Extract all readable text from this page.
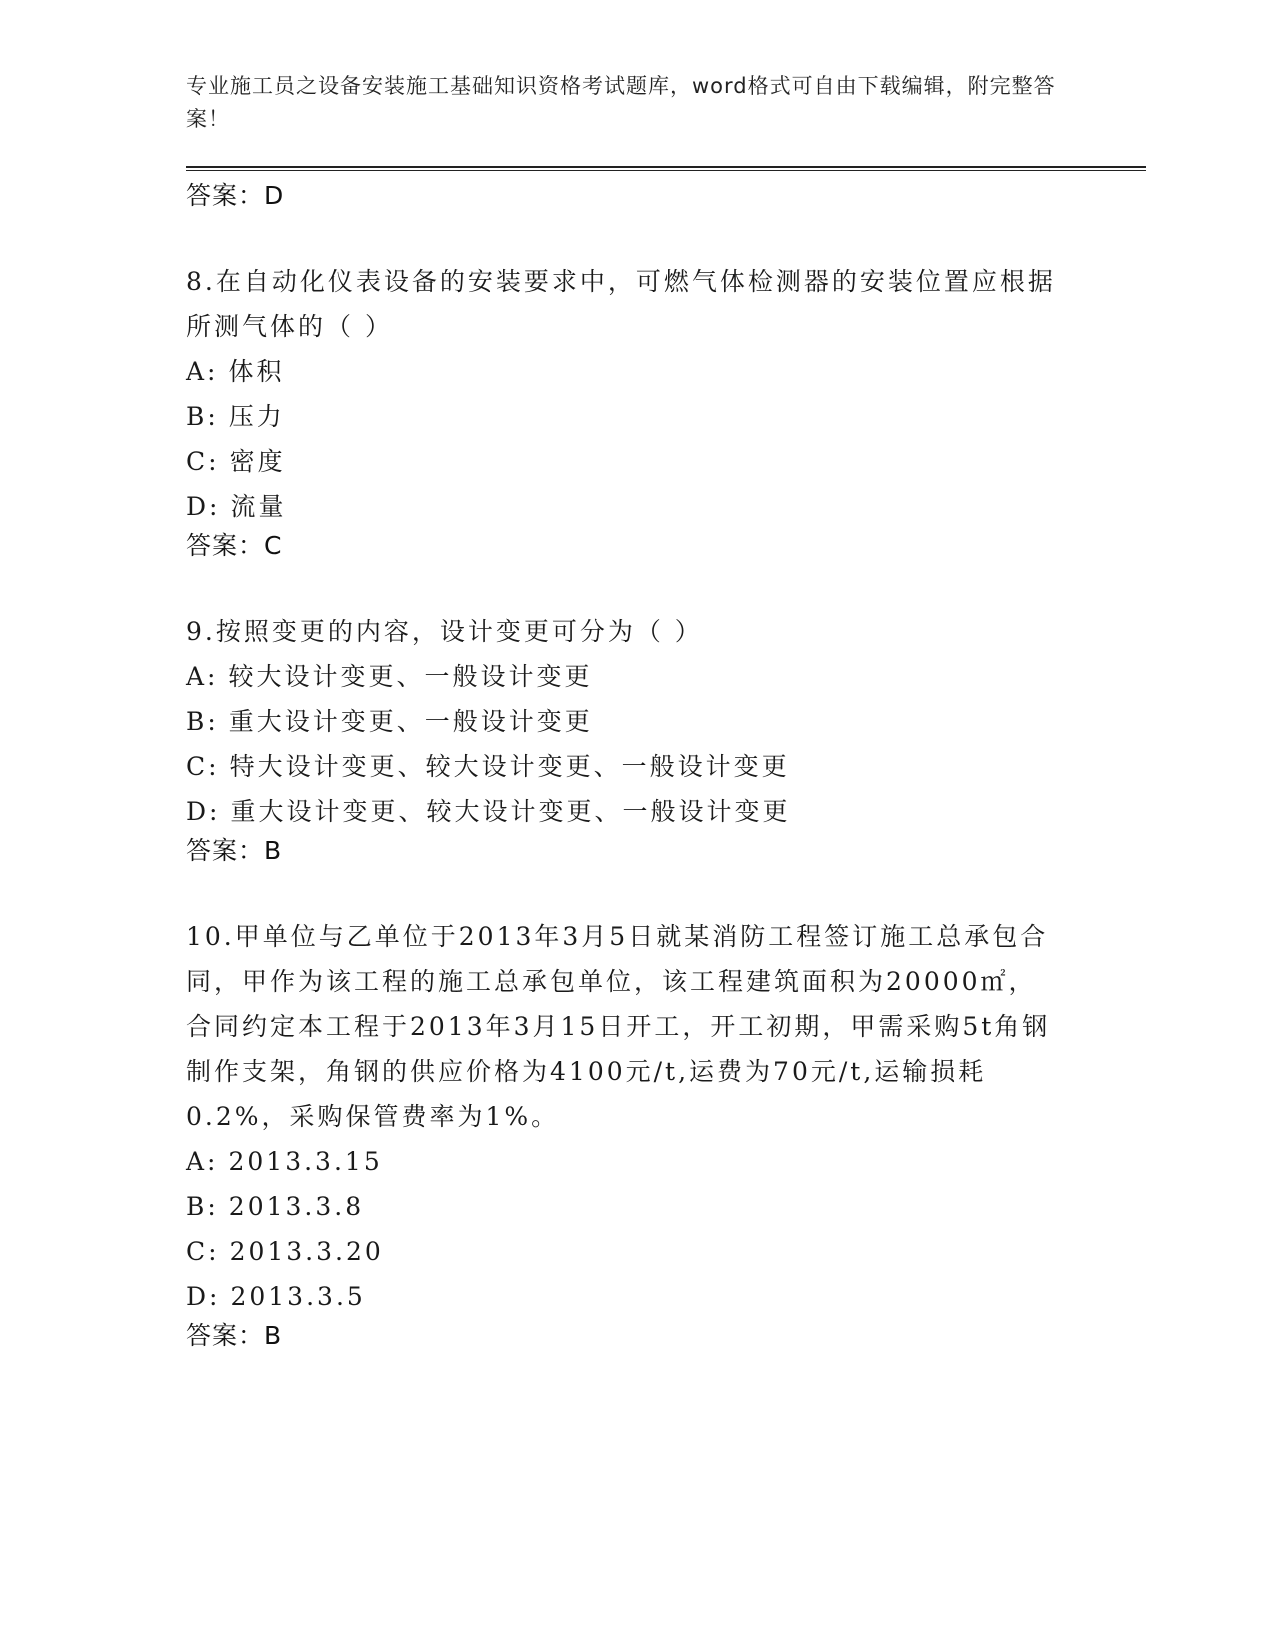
专业施工员之设备安装施工基础知识资格考试题库，word格式可自由下载编辑，附完整答案！

答案：D

8.在自动化仪表设备的安装要求中，可燃气体检测器的安装位置应根据所测气体的（ ）

A: 体积

B: 压力

C: 密度

D: 流量

答案：C

9.按照变更的内容，设计变更可分为（ ）

A: 较大设计变更、一般设计变更

B: 重大设计变更、一般设计变更

C: 特大设计变更、较大设计变更、一般设计变更

D: 重大设计变更、较大设计变更、一般设计变更

答案：B

10.甲单位与乙单位于2013年3月5日就某消防工程签订施工总承包合同，甲作为该工程的施工总承包单位，该工程建筑面积为20000㎡，合同约定本工程于2013年3月15日开工，开工初期，甲需采购5t角钢制作支架，角钢的供应价格为4100元/t,运费为70元/t,运输损耗0.2%，采购保管费率为1%。

A: 2013.3.15

B: 2013.3.8

C: 2013.3.20

D: 2013.3.5

答案：B
